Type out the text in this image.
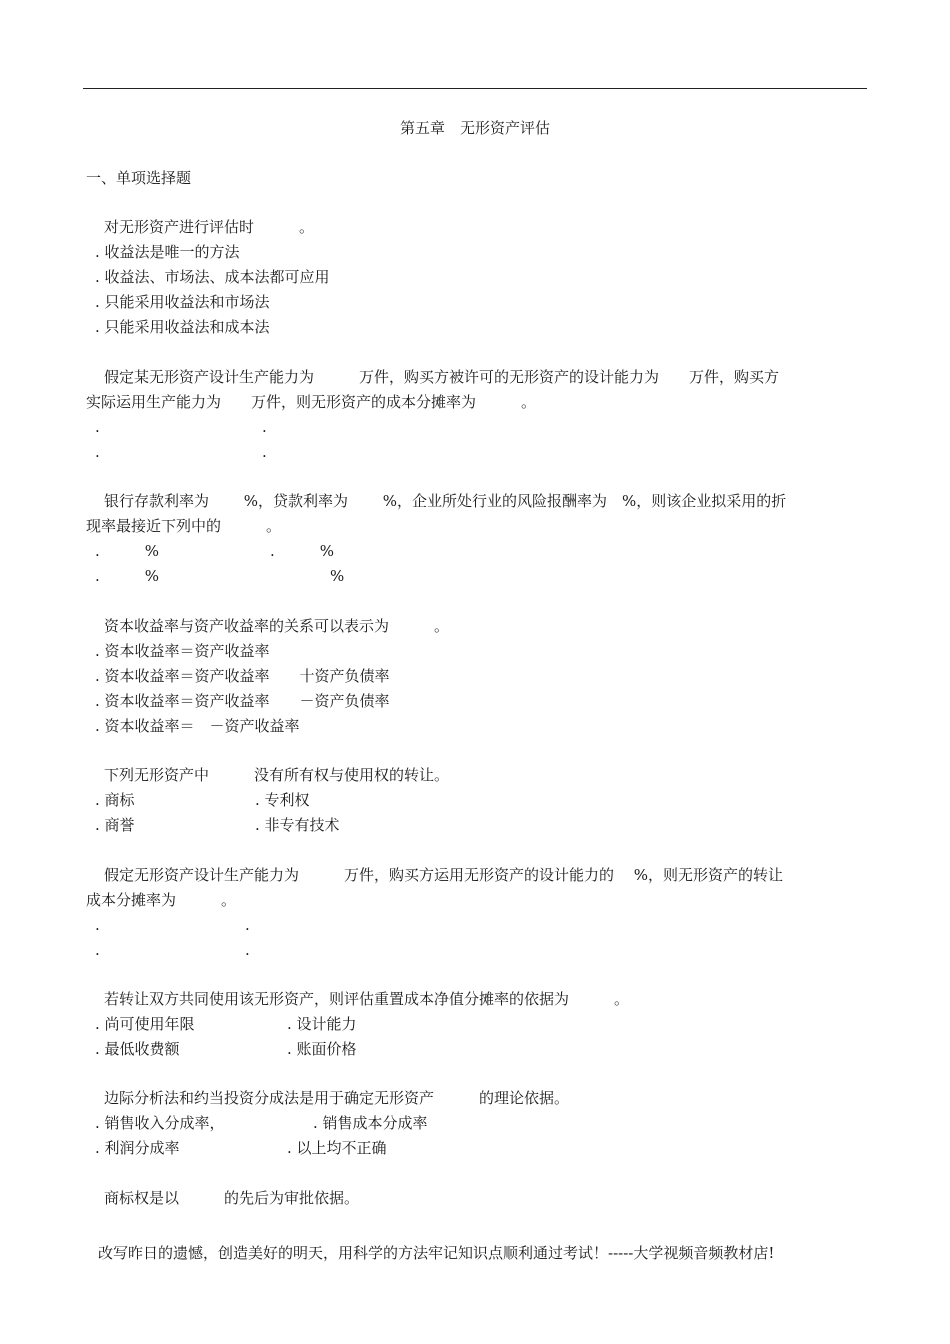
第五章　无形资产评估
一、单项选择题
对无形资产进行评估时　　　。
. 收益法是唯一的方法
. 收益法、市场法、成本法都可应用
. 只能采用收益法和市场法
. 只能采用收益法和成本法
假定某无形资产设计生产能力为　　　万件，购买方被许可的无形资产的设计能力为　　万件，购买方
实际运用生产能力为　　万件，则无形资产的成本分摊率为　　　。
.	.
.	.
银行存款利率为　　 %，贷款利率为　　 %，企业所处行业的风险报酬率为　%，则该企业拟采用的折
现率最接近下列中的　　　。
.　　　%	.　　　%
.　　　%	%
资本收益率与资产收益率的关系可以表示为　　　。
. 资本收益率＝资产收益率
. 资本收益率＝资产收益率　　十资产负债率
. 资本收益率＝资产收益率　　－资产负债率
. 资本收益率＝　－资产收益率
下列无形资产中　　　没有所有权与使用权的转让。
. 商标	. 专利权
. 商誉	. 非专有技术
假定无形资产设计生产能力为　　　万件，购买方运用无形资产的设计能力的　 %，则无形资产的转让
成本分摊率为　　　。
.	.
.	.
若转让双方共同使用该无形资产，则评估重置成本净值分摊率的依据为　　　。
. 尚可使用年限	. 设计能力
. 最低收费额	. 账面价格
边际分析法和约当投资分成法是用于确定无形资产　　　的理论依据。
. 销售收入分成率，	. 销售成本分成率
. 利润分成率	. 以上均不正确
商标权是以　　　的先后为审批依据。
改写昨日的遗憾，创造美好的明天，用科学的方法牢记知识点顺利通过考试！-----大学视频音频教材店!
